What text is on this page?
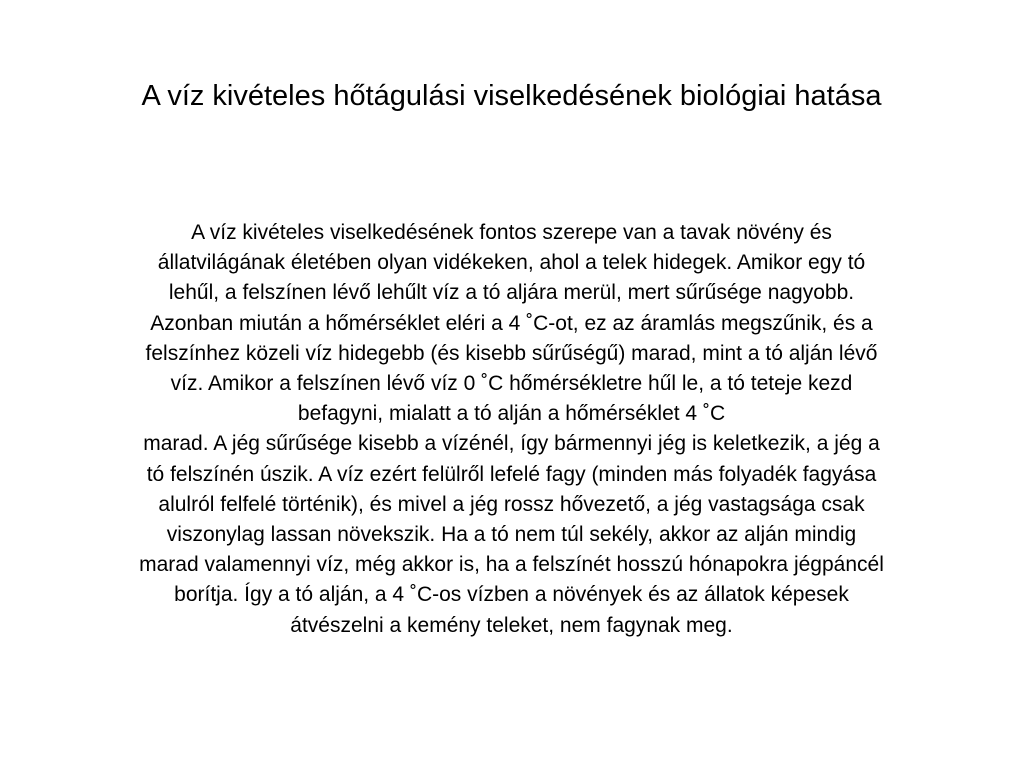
A víz kivételes hőtágulási viselkedésének biológiai hatása
A víz kivételes viselkedésének fontos szerepe van a tavak növény és
állatvilágának életében olyan vidékeken, ahol a telek hidegek. Amikor egy tó
lehűl, a felszínen lévő lehűlt víz a tó aljára merül, mert sűrűsége nagyobb.
Azonban miután a hőmérséklet eléri a 4 ˚C-ot, ez az áramlás megszűnik, és a
felszínhez közeli víz hidegebb (és kisebb sűrűségű) marad, mint a tó alján lévő
víz. Amikor a felszínen lévő víz 0 ˚C hőmérsékletre hűl le, a tó teteje kezd
befagyni, mialatt a tó alján a hőmérséklet 4 ˚C
marad. A jég sűrűsége kisebb a vízénél, így bármennyi jég is keletkezik, a jég a
tó felszínén úszik. A víz ezért felülről lefelé fagy (minden más folyadék fagyása
alulról felfelé történik), és mivel a jég rossz hővezető, a jég vastagsága csak
viszonylag lassan növekszik. Ha a tó nem túl sekély, akkor az alján mindig
marad valamennyi víz, még akkor is, ha a felszínét hosszú hónapokra jégpáncél
borítja. Így a tó alján, a 4 ˚C-os vízben a növények és az állatok képesek
átvészelni a kemény teleket, nem fagynak meg.
